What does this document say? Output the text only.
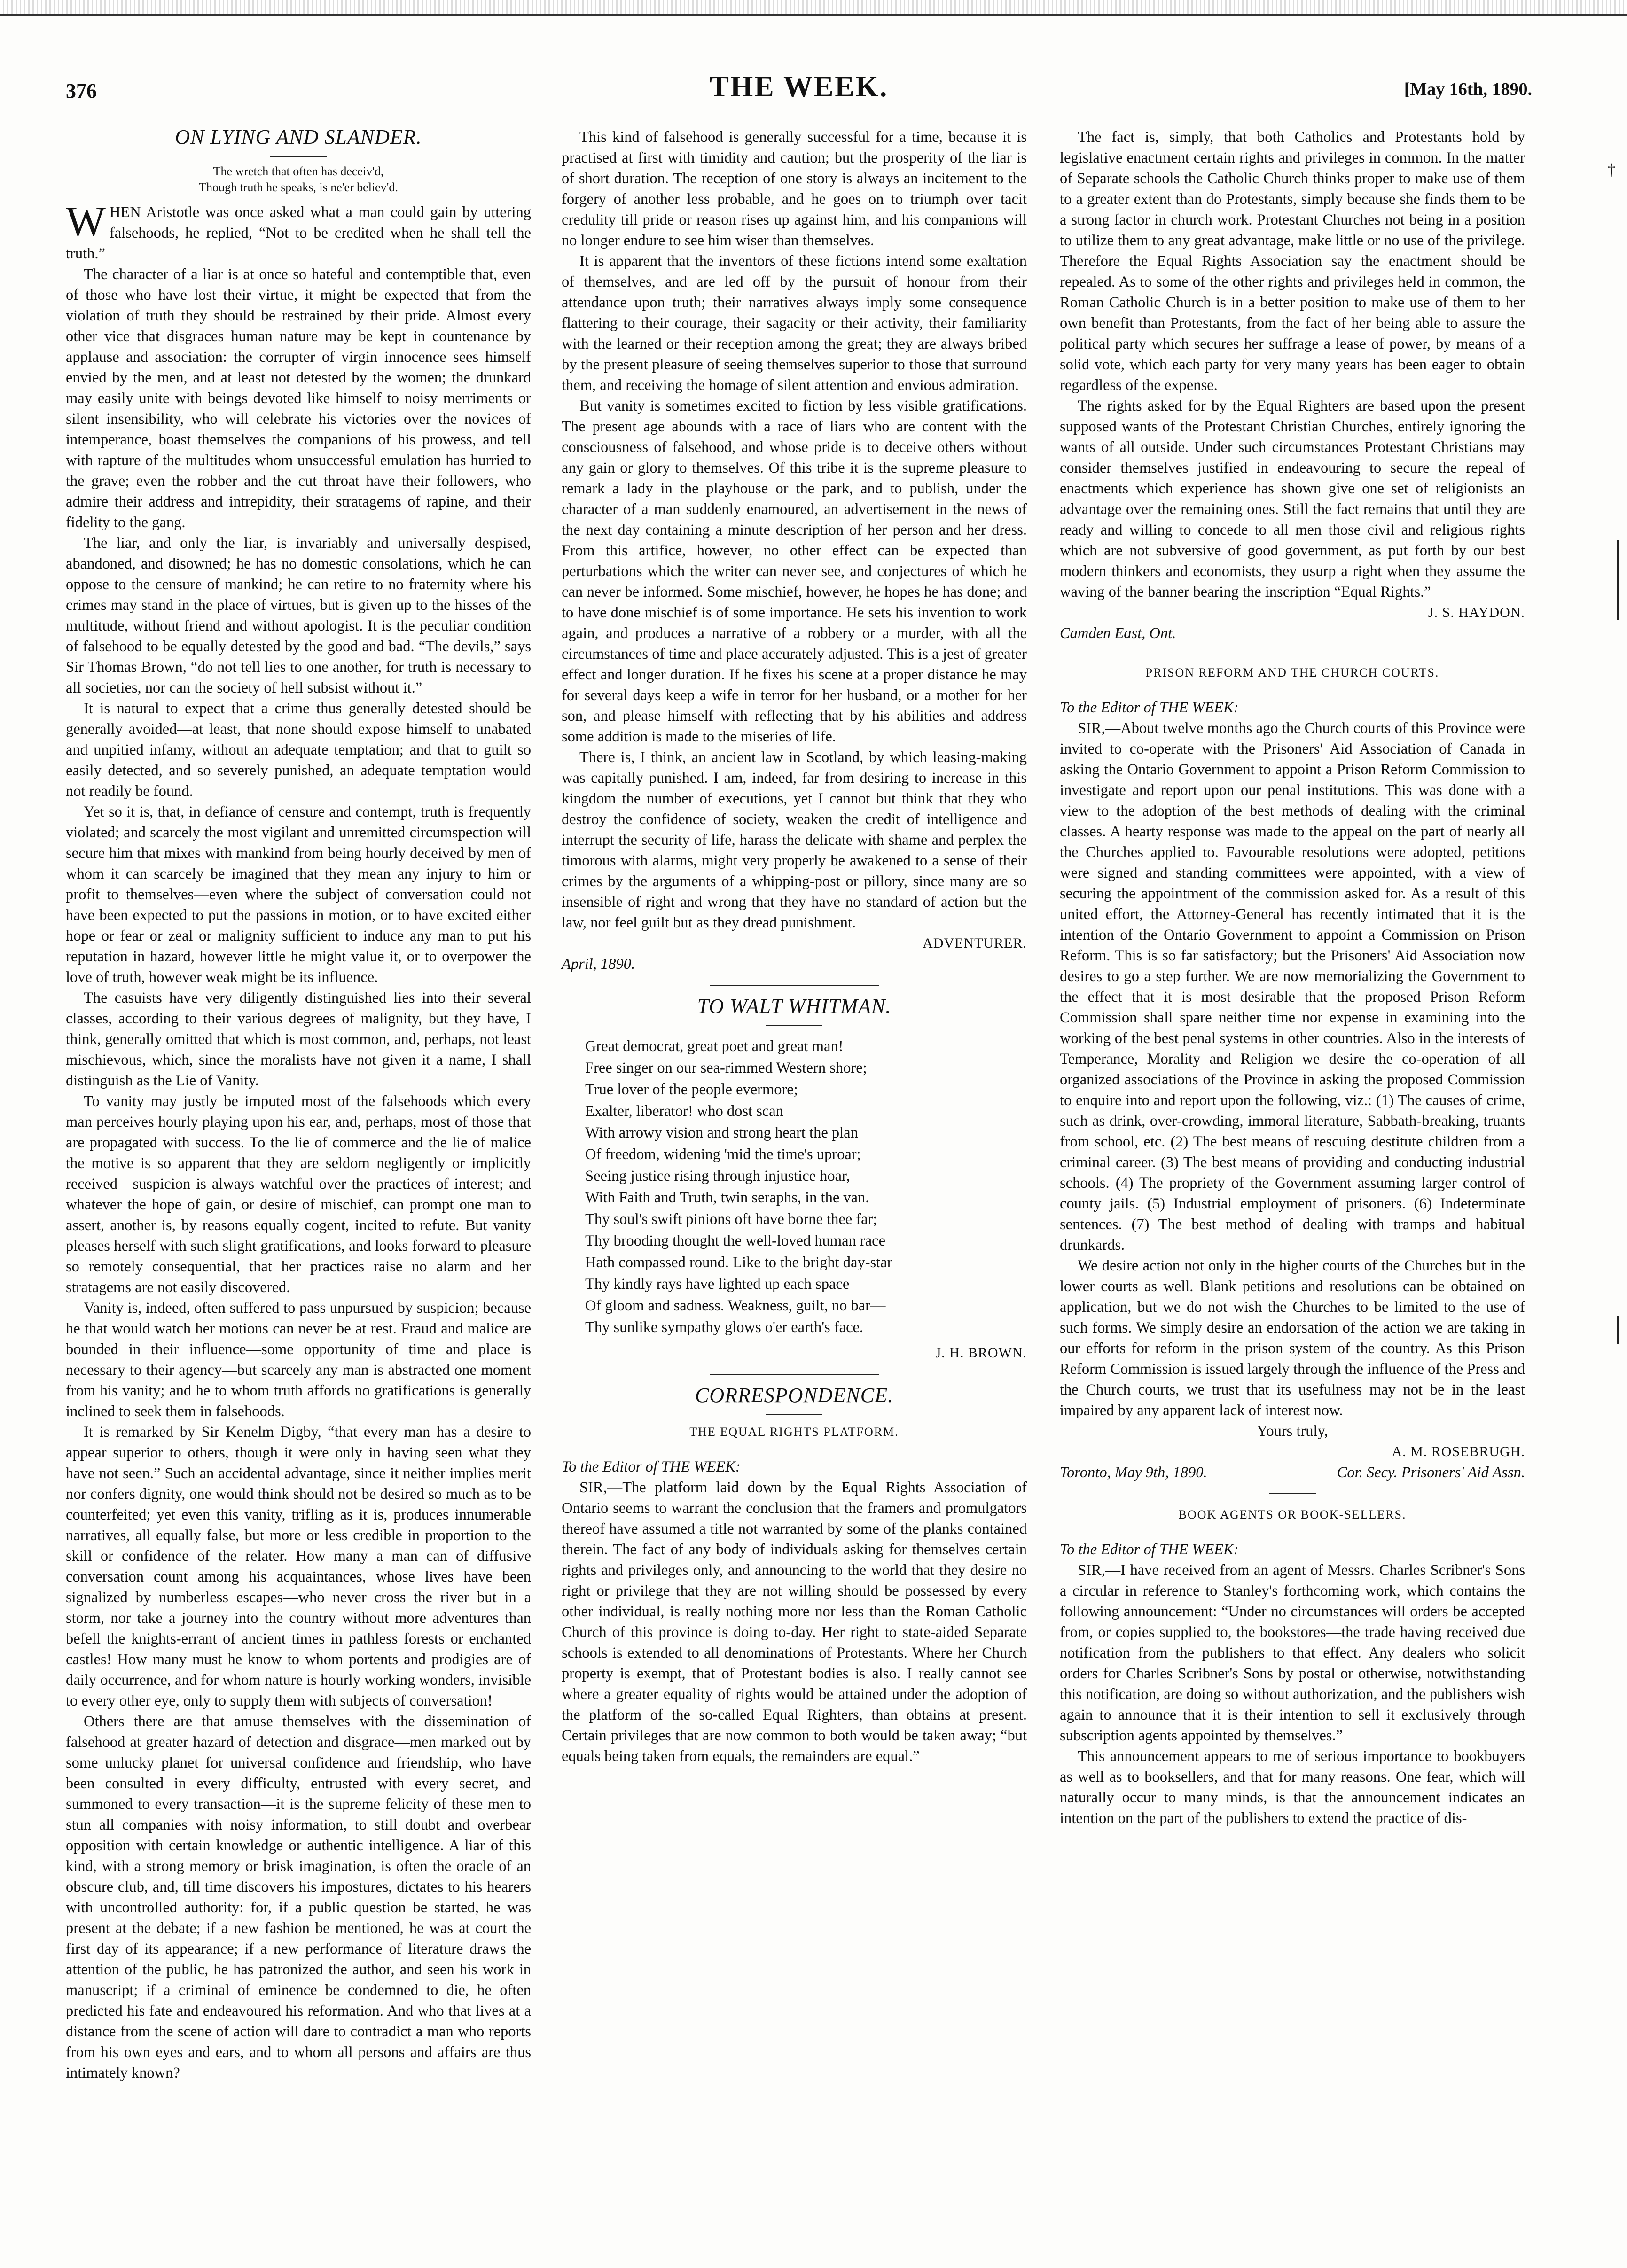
376	THE WEEK.	[May 16th, 1890.
ON LYING AND SLANDER.
The wretch that often has deceiv'd,
Though truth he speaks, is ne'er believ'd.

WHEN Aristotle was once asked what a man could gain by uttering falsehoods, he replied, “Not to be credited when he shall tell the truth.”

The character of a liar is at once so hateful and contemptible that, even of those who have lost their virtue, it might be expected that from the violation of truth they should be restrained by their pride. Almost every other vice that disgraces human nature may be kept in countenance by applause and association: the corrupter of virgin innocence sees himself envied by the men, and at least not detested by the women; the drunkard may easily unite with beings devoted like himself to noisy merriments or silent insensibility, who will celebrate his victories over the novices of intemperance, boast themselves the companions of his prowess, and tell with rapture of the multitudes whom unsuccessful emulation has hurried to the grave; even the robber and the cut throat have their followers, who admire their address and intrepidity, their stratagems of rapine, and their fidelity to the gang.

The liar, and only the liar, is invariably and universally despised, abandoned, and disowned; he has no domestic consolations, which he can oppose to the censure of mankind; he can retire to no fraternity where his crimes may stand in the place of virtues, but is given up to the hisses of the multitude, without friend and without apologist. It is the peculiar condition of falsehood to be equally detested by the good and bad. “The devils,” says Sir Thomas Brown, “do not tell lies to one another, for truth is necessary to all societies, nor can the society of hell subsist without it.”

It is natural to expect that a crime thus generally detested should be generally avoided—at least, that none should expose himself to unabated and unpitied infamy, without an adequate temptation; and that to guilt so easily detected, and so severely punished, an adequate temptation would not readily be found.

Yet so it is, that, in defiance of censure and contempt, truth is frequently violated; and scarcely the most vigilant and unremitted circumspection will secure him that mixes with mankind from being hourly deceived by men of whom it can scarcely be imagined that they mean any injury to him or profit to themselves—even where the subject of conversation could not have been expected to put the passions in motion, or to have excited either hope or fear or zeal or malignity sufficient to induce any man to put his reputation in hazard, however little he might value it, or to overpower the love of truth, however weak might be its influence.

The casuists have very diligently distinguished lies into their several classes, according to their various degrees of malignity, but they have, I think, generally omitted that which is most common, and, perhaps, not least mischievous, which, since the moralists have not given it a name, I shall distinguish as the Lie of Vanity.

To vanity may justly be imputed most of the falsehoods which every man perceives hourly playing upon his ear, and, perhaps, most of those that are propagated with success. To the lie of commerce and the lie of malice the motive is so apparent that they are seldom negligently or implicitly received—suspicion is always watchful over the practices of interest; and whatever the hope of gain, or desire of mischief, can prompt one man to assert, another is, by reasons equally cogent, incited to refute. But vanity pleases herself with such slight gratifications, and looks forward to pleasure so remotely consequential, that her practices raise no alarm and her stratagems are not easily discovered.

Vanity is, indeed, often suffered to pass unpursued by suspicion; because he that would watch her motions can never be at rest. Fraud and malice are bounded in their influence—some opportunity of time and place is necessary to their agency—but scarcely any man is abstracted one moment from his vanity; and he to whom truth affords no gratifications is generally inclined to seek them in falsehoods.

It is remarked by Sir Kenelm Digby, “that every man has a desire to appear superior to others, though it were only in having seen what they have not seen.” Such an accidental advantage, since it neither implies merit nor confers dignity, one would think should not be desired so much as to be counterfeited; yet even this vanity, trifling as it is, produces innumerable narratives, all equally false, but more or less credible in proportion to the skill or confidence of the relater. How many a man can of diffusive conversation count among his acquaintances, whose lives have been signalized by numberless escapes—who never cross the river but in a storm, nor take a journey into the country without more adventures than befell the knights-errant of ancient times in pathless forests or enchanted castles! How many must he know to whom portents and prodigies are of daily occurrence, and for whom nature is hourly working wonders, invisible to every other eye, only to supply them with subjects of conversation!

Others there are that amuse themselves with the dissemination of falsehood at greater hazard of detection and disgrace—men marked out by some unlucky planet for universal confidence and friendship, who have been consulted in every difficulty, entrusted with every secret, and summoned to every transaction—it is the supreme felicity of these men to stun all companies with noisy information, to still doubt and overbear opposition with certain knowledge or authentic intelligence. A liar of this kind, with a strong memory or brisk imagination, is often the oracle of an obscure club, and, till time discovers his impostures, dictates to his hearers with uncontrolled authority: for, if a public question be started, he was present at the debate; if a new fashion be mentioned, he was at court the first day of its appearance; if a new performance of literature draws the attention of the public, he has patronized the author, and seen his work in manuscript; if a criminal of eminence be condemned to die, he often predicted his fate and endeavoured his reformation. And who that lives at a distance from the scene of action will dare to contradict a man who reports from his own eyes and ears, and to whom all persons and affairs are thus intimately known?

This kind of falsehood is generally successful for a time, because it is practised at first with timidity and caution; but the prosperity of the liar is of short duration. The reception of one story is always an incitement to the forgery of another less probable, and he goes on to triumph over tacit credulity till pride or reason rises up against him, and his companions will no longer endure to see him wiser than themselves.

It is apparent that the inventors of these fictions intend some exaltation of themselves, and are led off by the pursuit of honour from their attendance upon truth; their narratives always imply some consequence flattering to their courage, their sagacity or their activity, their familiarity with the learned or their reception among the great; they are always bribed by the present pleasure of seeing themselves superior to those that surround them, and receiving the homage of silent attention and envious admiration.

But vanity is sometimes excited to fiction by less visible gratifications. The present age abounds with a race of liars who are content with the consciousness of falsehood, and whose pride is to deceive others without any gain or glory to themselves. Of this tribe it is the supreme pleasure to remark a lady in the playhouse or the park, and to publish, under the character of a man suddenly enamoured, an advertisement in the news of the next day containing a minute description of her person and her dress. From this artifice, however, no other effect can be expected than perturbations which the writer can never see, and conjectures of which he can never be informed. Some mischief, however, he hopes he has done; and to have done mischief is of some importance. He sets his invention to work again, and produces a narrative of a robbery or a murder, with all the circumstances of time and place accurately adjusted. This is a jest of greater effect and longer duration. If he fixes his scene at a proper distance he may for several days keep a wife in terror for her husband, or a mother for her son, and please himself with reflecting that by his abilities and address some addition is made to the miseries of life.

There is, I think, an ancient law in Scotland, by which leasing-making was capitally punished. I am, indeed, far from desiring to increase in this kingdom the number of executions, yet I cannot but think that they who destroy the confidence of society, weaken the credit of intelligence and interrupt the security of life, harass the delicate with shame and perplex the timorous with alarms, might very properly be awakened to a sense of their crimes by the arguments of a whipping-post or pillory, since many are so insensible of right and wrong that they have no standard of action but the law, nor feel guilt but as they dread punishment.

ADVENTURER.

April, 1890.

TO WALT WHITMAN.
Great democrat, great poet and great man!
Free singer on our sea-rimmed Western shore;
True lover of the people evermore;
Exalter, liberator! who dost scan
With arrowy vision and strong heart the plan
Of freedom, widening 'mid the time's uproar;
Seeing justice rising through injustice hoar,
With Faith and Truth, twin seraphs, in the van.
Thy soul's swift pinions oft have borne thee far;
Thy brooding thought the well-loved human race
Hath compassed round. Like to the bright day-star
Thy kindly rays have lighted up each space
Of gloom and sadness. Weakness, guilt, no bar—
Thy sunlike sympathy glows o'er earth's face.
J. H. BROWN.
CORRESPONDENCE.
THE EQUAL RIGHTS PLATFORM.

To the Editor of THE WEEK:

SIR,—The platform laid down by the Equal Rights Association of Ontario seems to warrant the conclusion that the framers and promulgators thereof have assumed a title not warranted by some of the planks contained therein. The fact of any body of individuals asking for themselves certain rights and privileges only, and announcing to the world that they desire no right or privilege that they are not willing should be possessed by every other individual, is really nothing more nor less than the Roman Catholic Church of this province is doing to-day. Her right to state-aided Separate schools is extended to all denominations of Protestants. Where her Church property is exempt, that of Protestant bodies is also. I really cannot see where a greater equality of rights would be attained under the adoption of the platform of the so-called Equal Righters, than obtains at present. Certain privileges that are now common to both would be taken away; “but equals being taken from equals, the remainders are equal.”

The fact is, simply, that both Catholics and Protestants hold by legislative enactment certain rights and privileges in common. In the matter of Separate schools the Catholic Church thinks proper to make use of them to a greater extent than do Protestants, simply because she finds them to be a strong factor in church work. Protestant Churches not being in a position to utilize them to any great advantage, make little or no use of the privilege. Therefore the Equal Rights Association say the enactment should be repealed. As to some of the other rights and privileges held in common, the Roman Catholic Church is in a better position to make use of them to her own benefit than Protestants, from the fact of her being able to assure the political party which secures her suffrage a lease of power, by means of a solid vote, which each party for very many years has been eager to obtain regardless of the expense.

The rights asked for by the Equal Righters are based upon the present supposed wants of the Protestant Christian Churches, entirely ignoring the wants of all outside. Under such circumstances Protestant Christians may consider themselves justified in endeavouring to secure the repeal of enactments which experience has shown give one set of religionists an advantage over the remaining ones. Still the fact remains that until they are ready and willing to concede to all men those civil and religious rights which are not subversive of good government, as put forth by our best modern thinkers and economists, they usurp a right when they assume the waving of the banner bearing the inscription “Equal Rights.”

J. S. HAYDON.

Camden East, Ont.

PRISON REFORM AND THE CHURCH COURTS.

To the Editor of THE WEEK:

SIR,—About twelve months ago the Church courts of this Province were invited to co-operate with the Prisoners' Aid Association of Canada in asking the Ontario Government to appoint a Prison Reform Commission to investigate and report upon our penal institutions. This was done with a view to the adoption of the best methods of dealing with the criminal classes. A hearty response was made to the appeal on the part of nearly all the Churches applied to. Favourable resolutions were adopted, petitions were signed and standing committees were appointed, with a view of securing the appointment of the commission asked for. As a result of this united effort, the Attorney-General has recently intimated that it is the intention of the Ontario Government to appoint a Commission on Prison Reform. This is so far satisfactory; but the Prisoners' Aid Association now desires to go a step further. We are now memorializing the Government to the effect that it is most desirable that the proposed Prison Reform Commission shall spare neither time nor expense in examining into the working of the best penal systems in other countries. Also in the interests of Temperance, Morality and Religion we desire the co-operation of all organized associations of the Province in asking the proposed Commission to enquire into and report upon the following, viz.: (1) The causes of crime, such as drink, over-crowding, immoral literature, Sabbath-breaking, truants from school, etc. (2) The best means of rescuing destitute children from a criminal career. (3) The best means of providing and conducting industrial schools. (4) The propriety of the Government assuming larger control of county jails. (5) Industrial employment of prisoners. (6) Indeterminate sentences. (7) The best method of dealing with tramps and habitual drunkards.

We desire action not only in the higher courts of the Churches but in the lower courts as well. Blank petitions and resolutions can be obtained on application, but we do not wish the Churches to be limited to the use of such forms. We simply desire an endorsation of the action we are taking in our efforts for reform in the prison system of the country. As this Prison Reform Commission is issued largely through the influence of the Press and the Church courts, we trust that its usefulness may not be in the least impaired by any apparent lack of interest now.

Yours truly,
A. M. ROSEBRUGH.
Toronto, May 9th, 1890.	Cor. Secy. Prisoners' Aid Assn.
BOOK AGENTS OR BOOK-SELLERS.

To the Editor of THE WEEK:

SIR,—I have received from an agent of Messrs. Charles Scribner's Sons a circular in reference to Stanley's forthcoming work, which contains the following announcement: “Under no circumstances will orders be accepted from, or copies supplied to, the bookstores—the trade having received due notification from the publishers to that effect. Any dealers who solicit orders for Charles Scribner's Sons by postal or otherwise, notwithstanding this notification, are doing so without authorization, and the publishers wish again to announce that it is their intention to sell it exclusively through subscription agents appointed by themselves.”

This announcement appears to me of serious importance to bookbuyers as well as to booksellers, and that for many reasons. One fear, which will naturally occur to many minds, is that the announcement indicates an intention on the part of the publishers to extend the practice of dis-

†
